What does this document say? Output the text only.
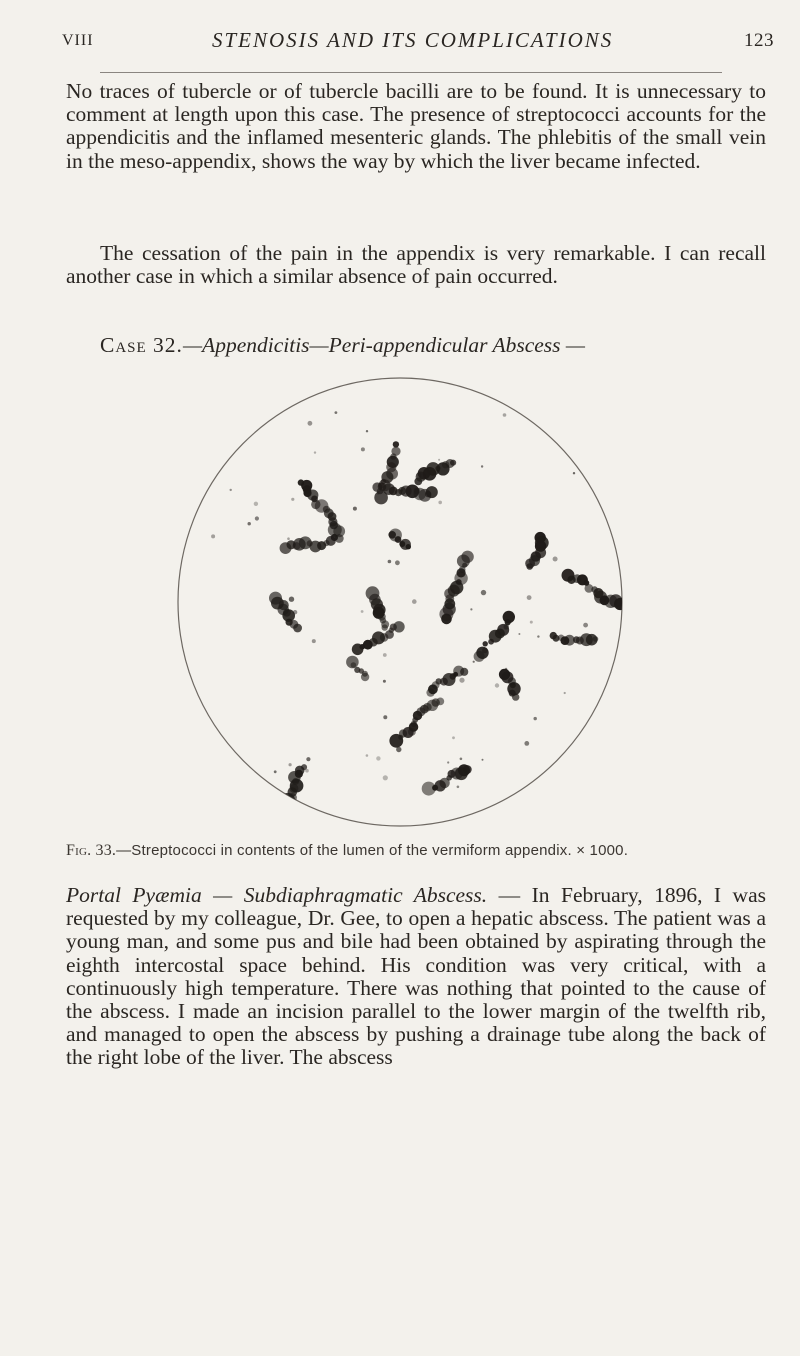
VIII	STENOSIS AND ITS COMPLICATIONS	123

No traces of tubercle or of tubercle bacilli are to be found. It is unnecessary to comment at length upon this case. The presence of streptococci accounts for the appendicitis and the inflamed mesenteric glands. The phlebitis of the small vein in the meso-appendix, shows the way by which the liver became infected.

The cessation of the pain in the appendix is very remarkable. I can recall another case in which a similar absence of pain occurred.

Case 32.—Appendicitis—Peri-appendicular Abscess —

Fig. 33.—Streptococci in contents of the lumen of the vermiform appendix. × 1000.

Portal Pyæmia — Subdiaphragmatic Abscess. — In February, 1896, I was requested by my colleague, Dr. Gee, to open a hepatic abscess. The patient was a young man, and some pus and bile had been obtained by aspirating through the eighth intercostal space behind. His condition was very critical, with a continuously high temperature. There was nothing that pointed to the cause of the abscess. I made an incision parallel to the lower margin of the twelfth rib, and managed to open the abscess by pushing a drainage tube along the back of the right lobe of the liver. The abscess
